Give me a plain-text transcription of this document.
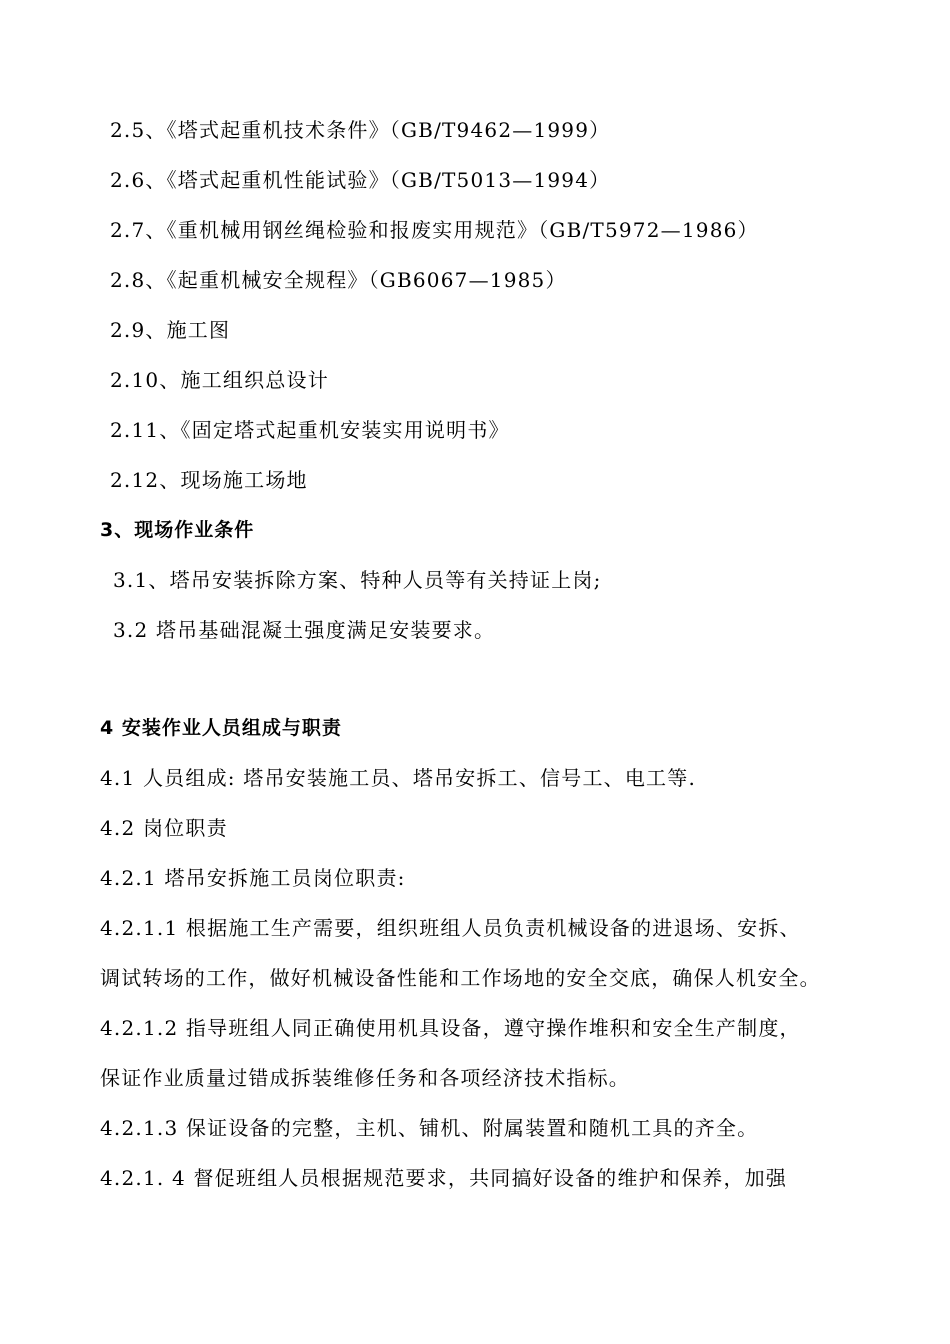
2.5、《塔式起重机技术条件》（GB/T9462—1999）
2.6、《塔式起重机性能试验》（GB/T5013—1994）
2.7、《重机械用钢丝绳检验和报废实用规范》（GB/T5972—1986）
2.8、《起重机械安全规程》（GB6067—1985）
2.9、施工图
2.10、施工组织总设计
2.11、《固定塔式起重机安装实用说明书》
2.12、现场施工场地
3、现场作业条件
3.1、塔吊安装拆除方案、特种人员等有关持证上岗;
3.2 塔吊基础混凝土强度满足安装要求。
4 安装作业人员组成与职责
4.1 人员组成: 塔吊安装施工员、塔吊安拆工、信号工、电工等.
4.2 岗位职责
4.2.1 塔吊安拆施工员岗位职责:
4.2.1.1 根据施工生产需要，组织班组人员负责机械设备的进退场、安拆、
调试转场的工作，做好机械设备性能和工作场地的安全交底，确保人机安全。
4.2.1.2 指导班组人同正确使用机具设备，遵守操作堆积和安全生产制度，
保证作业质量过错成拆装维修任务和各项经济技术指标。
4.2.1.3 保证设备的完整，主机、铺机、附属装置和随机工具的齐全。
4.2.1. 4 督促班组人员根据规范要求，共同搞好设备的维护和保养，加强
